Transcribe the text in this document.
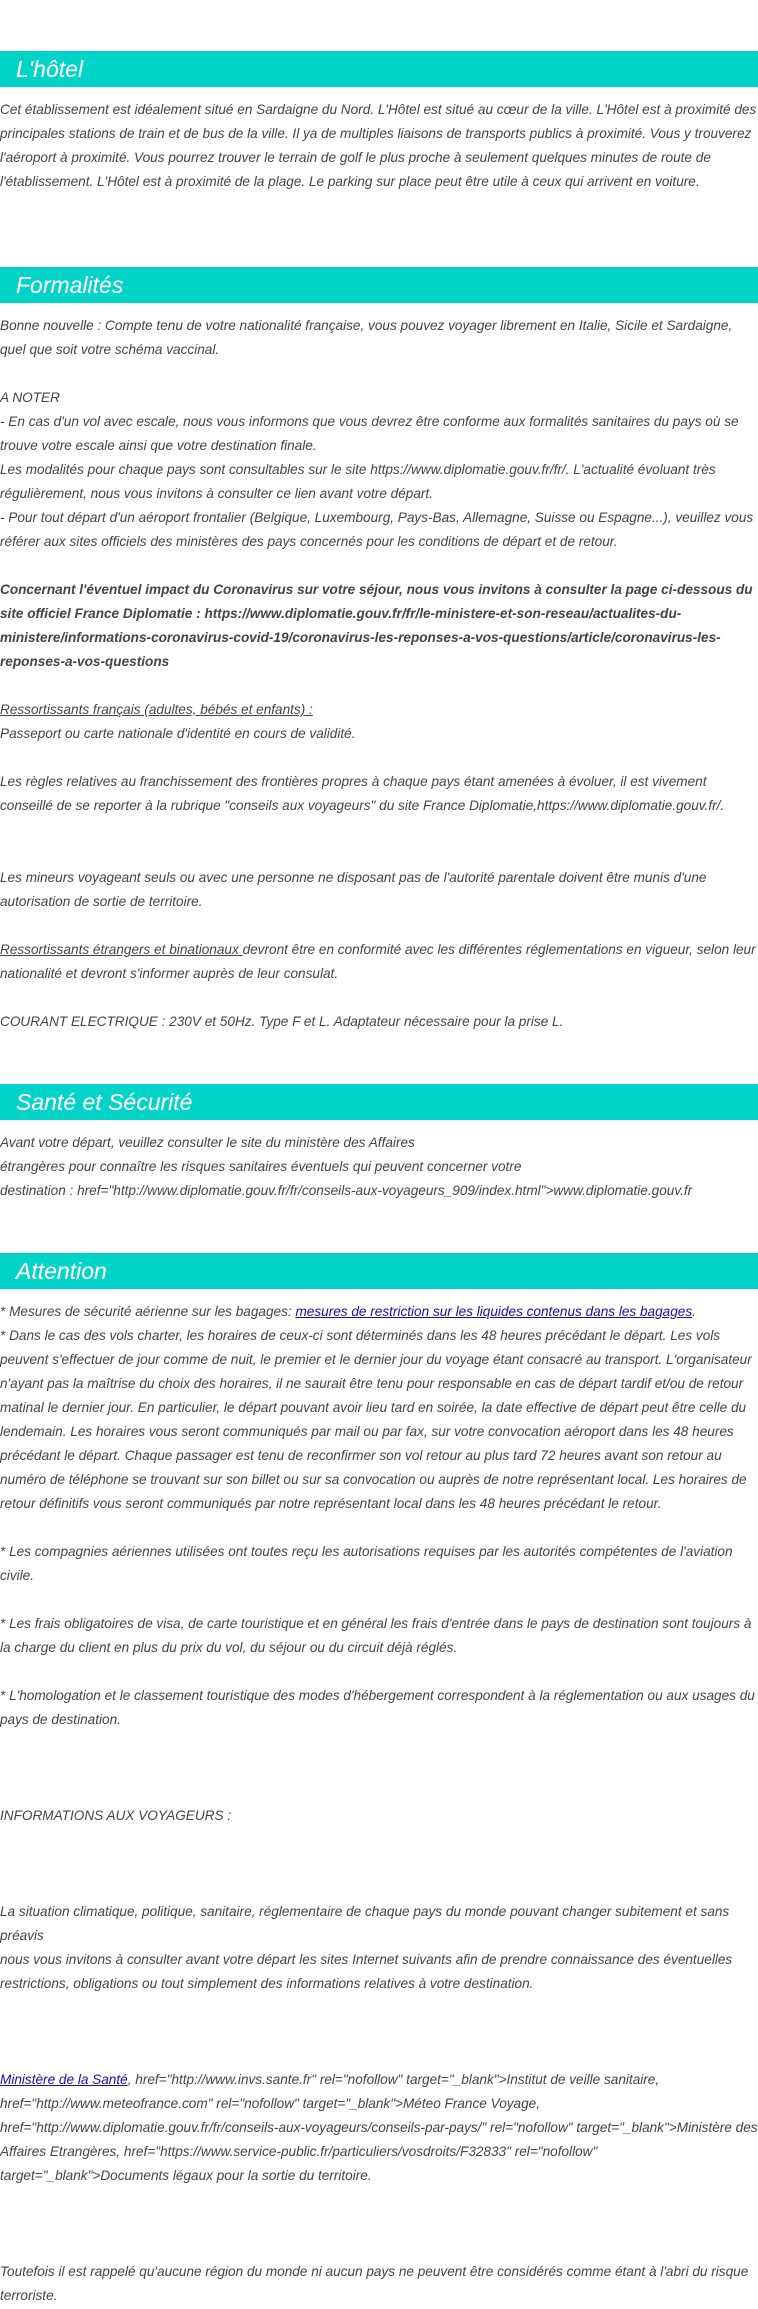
L'hôtel

Cet établissement est idéalement situé en Sardaigne du Nord. L'Hôtel est situé au cœur de la ville. L'Hôtel est à proximité des principales stations de train et de bus de la ville. Il ya de multiples liaisons de transports publics à proximité. Vous y trouverez l'aéroport à proximité. Vous pourrez trouver le terrain de golf le plus proche à seulement quelques minutes de route de l'établissement. L'Hôtel est à proximité de la plage. Le parking sur place peut être utile à ceux qui arrivent en voiture.

Formalités

Bonne nouvelle : Compte tenu de votre nationalité française, vous pouvez voyager librement en Italie, Sicile et Sardaigne, quel que soit votre schéma vaccinal.

A NOTER

- En cas d'un vol avec escale, nous vous informons que vous devrez être conforme aux formalités sanitaires du pays où se trouve votre escale ainsi que votre destination finale.

Les modalités pour chaque pays sont consultables sur le site https://www.diplomatie.gouv.fr/fr/. L'actualité évoluant très régulièrement, nous vous invitons à consulter ce lien avant votre départ.

- Pour tout départ d'un aéroport frontalier (Belgique, Luxembourg, Pays-Bas, Allemagne, Suisse ou Espagne...), veuillez vous référer aux sites officiels des ministères des pays concernés pour les conditions de départ et de retour.

Concernant l'éventuel impact du Coronavirus sur votre séjour, nous vous invitons à consulter la page ci-dessous du site officiel France Diplomatie : https://www.diplomatie.gouv.fr/fr/le-ministere-et-son-reseau/actualites-du-ministere/informations-coronavirus-covid-19/coronavirus-les-reponses-a-vos-questions/article/coronavirus-les-reponses-a-vos-questions

Ressortissants français (adultes, bébés et enfants) :

Passeport ou carte nationale d'identité en cours de validité.

Les règles relatives au franchissement des frontières propres à chaque pays étant amenées à évoluer, il est vivement conseillé de se reporter à la rubrique "conseils aux voyageurs" du site France Diplomatie,https://www.diplomatie.gouv.fr/.

Les mineurs voyageant seuls ou avec une personne ne disposant pas de l'autorité parentale doivent être munis d'une autorisation de sortie de territoire.

Ressortissants étrangers et binationaux devront être en conformité avec les différentes réglementations en vigueur, selon leur nationalité et devront s'informer auprès de leur consulat.

COURANT ELECTRIQUE : 230V et 50Hz. Type F et L. Adaptateur nécessaire pour la prise L.

Santé et Sécurité

Avant votre départ, veuillez consulter le site du ministère des Affaires

étrangères pour connaître les risques sanitaires éventuels qui peuvent concerner votre

destination : href="http://www.diplomatie.gouv.fr/fr/conseils-aux-voyageurs_909/index.html">www.diplomatie.gouv.fr

Attention

* Mesures de sécurité aérienne sur les bagages: mesures de restriction sur les liquides contenus dans les bagages.

* Dans le cas des vols charter, les horaires de ceux-ci sont déterminés dans les 48 heures précédant le départ. Les vols peuvent s'effectuer de jour comme de nuit, le premier et le dernier jour du voyage étant consacré au transport. L'organisateur n'ayant pas la maîtrise du choix des horaires, il ne saurait être tenu pour responsable en cas de départ tardif et/ou de retour matinal le dernier jour. En particulier, le départ pouvant avoir lieu tard en soirée, la date effective de départ peut être celle du lendemain. Les horaires vous seront communiqués par mail ou par fax, sur votre convocation aéroport dans les 48 heures précédant le départ. Chaque passager est tenu de reconfirmer son vol retour au plus tard 72 heures avant son retour au numéro de téléphone se trouvant sur son billet ou sur sa convocation ou auprès de notre représentant local. Les horaires de retour définitifs vous seront communiqués par notre représentant local dans les 48 heures précédant le retour.

* Les compagnies aériennes utilisées ont toutes reçu les autorisations requises par les autorités compétentes de l'aviation civile.

* Les frais obligatoires de visa, de carte touristique et en général les frais d'entrée dans le pays de destination sont toujours à la charge du client en plus du prix du vol, du séjour ou du circuit déjà réglés.

* L'homologation et le classement touristique des modes d'hébergement correspondent à la réglementation ou aux usages du pays de destination.

INFORMATIONS AUX VOYAGEURS :

La situation climatique, politique, sanitaire, réglementaire de chaque pays du monde pouvant changer subitement et sans préavis

nous vous invitons à consulter avant votre départ les sites Internet suivants afin de prendre connaissance des éventuelles restrictions, obligations ou tout simplement des informations relatives à votre destination.

Ministère de la Santé, href="http://www.invs.sante.fr" rel="nofollow" target="_blank">Institut de veille sanitaire, href="http://www.meteofrance.com" rel="nofollow" target="_blank">Méteo France Voyage, href="http://www.diplomatie.gouv.fr/fr/conseils-aux-voyageurs/conseils-par-pays/" rel="nofollow" target="_blank">Ministère des Affaires Etrangères, href="https://www.service-public.fr/particuliers/vosdroits/F32833" rel="nofollow" target="_blank">Documents légaux pour la sortie du territoire.

Toutefois il est rappelé qu'aucune région du monde ni aucun pays ne peuvent être considérés comme étant à l'abri du risque terroriste.
